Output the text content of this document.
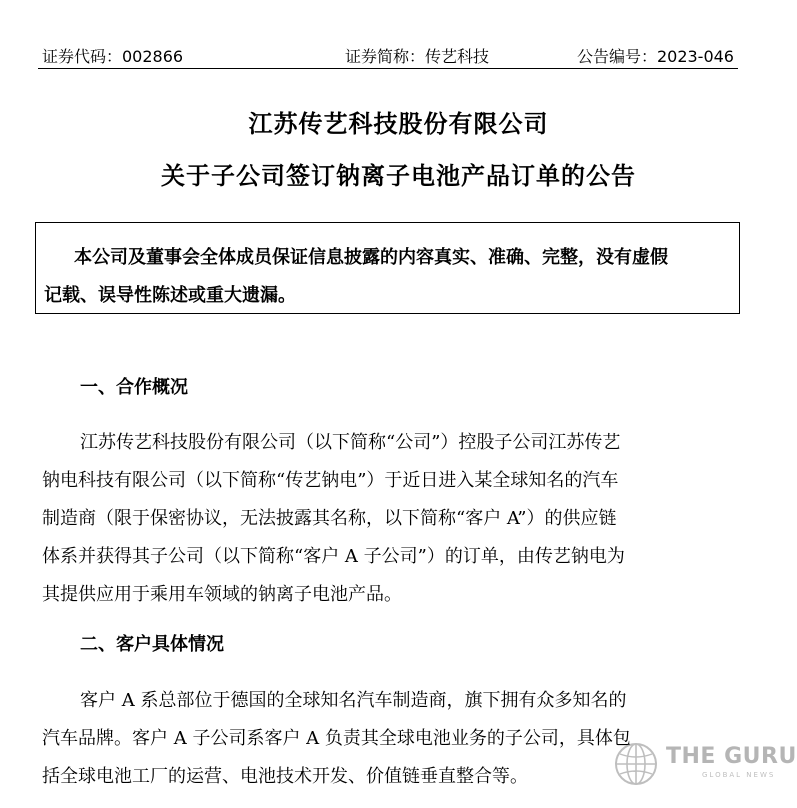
证券代码：002866	证券简称：传艺科技	公告编号：2023-046
江苏传艺科技股份有限公司
关于子公司签订钠离子电池产品订单的公告
本公司及董事会全体成员保证信息披露的内容真实、准确、完整，没有虚假
记载、误导性陈述或重大遗漏。
一、合作概况
江苏传艺科技股份有限公司（以下简称“公司”）控股子公司江苏传艺
钠电科技有限公司（以下简称“传艺钠电”）于近日进入某全球知名的汽车
制造商（限于保密协议，无法披露其名称，以下简称“客户 A”）的供应链
体系并获得其子公司（以下简称“客户 A 子公司”）的订单，由传艺钠电为
其提供应用于乘用车领域的钠离子电池产品。
二、客户具体情况
客户 A 系总部位于德国的全球知名汽车制造商，旗下拥有众多知名的
汽车品牌。客户 A 子公司系客户 A 负责其全球电池业务的子公司，具体包
括全球电池工厂的运营、电池技术开发、价值链垂直整合等。
THE GURU
GLOBAL NEWS
